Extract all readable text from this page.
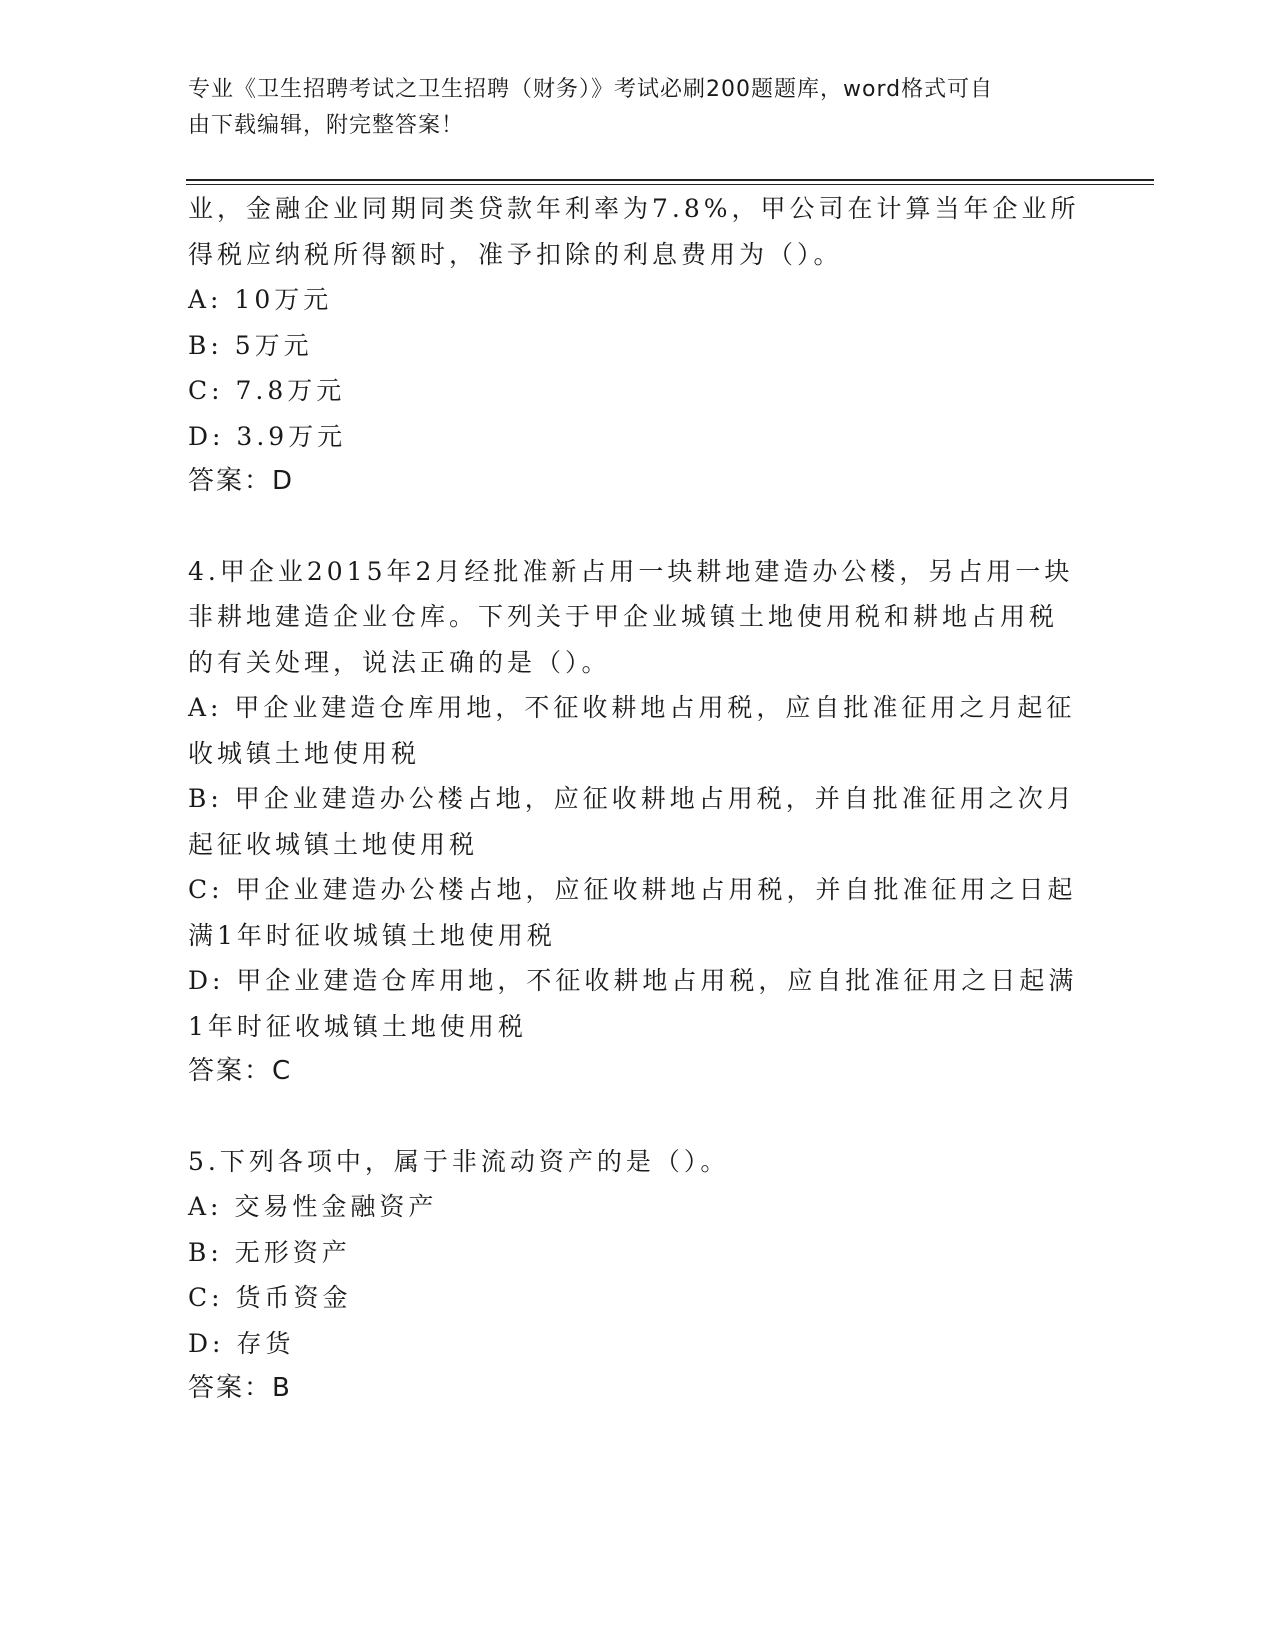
专业《卫生招聘考试之卫生招聘（财务）》考试必刷200题题库，word格式可自
由下载编辑，附完整答案！
业，金融企业同期同类贷款年利率为7.8%，甲公司在计算当年企业所
得税应纳税所得额时，准予扣除的利息费用为（）。
A: 10万元
B: 5万元
C: 7.8万元
D: 3.9万元
答案：D
4.甲企业2015年2月经批准新占用一块耕地建造办公楼，另占用一块
非耕地建造企业仓库。下列关于甲企业城镇土地使用税和耕地占用税
的有关处理，说法正确的是（）。
A: 甲企业建造仓库用地，不征收耕地占用税，应自批准征用之月起征
收城镇土地使用税
B: 甲企业建造办公楼占地，应征收耕地占用税，并自批准征用之次月
起征收城镇土地使用税
C: 甲企业建造办公楼占地，应征收耕地占用税，并自批准征用之日起
满1年时征收城镇土地使用税
D: 甲企业建造仓库用地，不征收耕地占用税，应自批准征用之日起满
1年时征收城镇土地使用税
答案：C
5.下列各项中，属于非流动资产的是（）。
A: 交易性金融资产
B: 无形资产
C: 货币资金
D: 存货
答案：B
